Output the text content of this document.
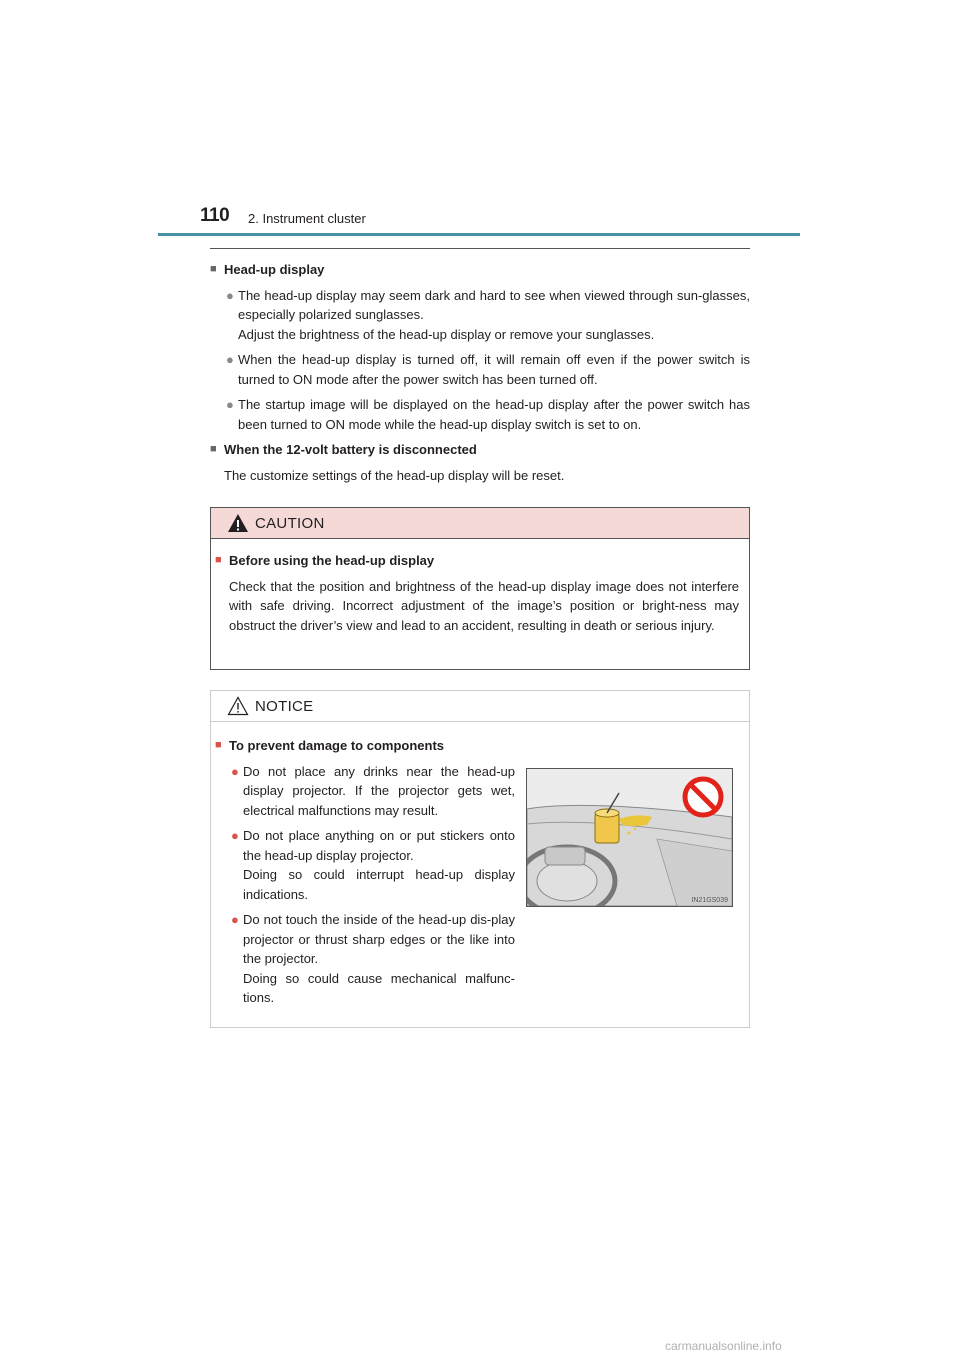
110 2. Instrument cluster
■ Head-up display
● The head-up display may seem dark and hard to see when viewed through sun-glasses, especially polarized sunglasses.
Adjust the brightness of the head-up display or remove your sunglasses.
● When the head-up display is turned off, it will remain off even if the power switch is turned to ON mode after the power switch has been turned off.
● The startup image will be displayed on the head-up display after the power switch has been turned to ON mode while the head-up display switch is set to on.
■ When the 12-volt battery is disconnected
The customize settings of the head-up display will be reset.
CAUTION
■ Before using the head-up display
Check that the position and brightness of the head-up display image does not interfere with safe driving. Incorrect adjustment of the image’s position or bright-ness may obstruct the driver’s view and lead to an accident, resulting in death or serious injury.
NOTICE
■ To prevent damage to components
● Do not place any drinks near the head-up display projector. If the projector gets wet, electrical malfunctions may result.
● Do not place anything on or put stickers onto the head-up display projector.
Doing so could interrupt head-up display indications.
● Do not touch the inside of the head-up dis-play projector or thrust sharp edges or the like into the projector.
Doing so could cause mechanical malfunc-tions.
IN21GS039
carmanualsonline.info
